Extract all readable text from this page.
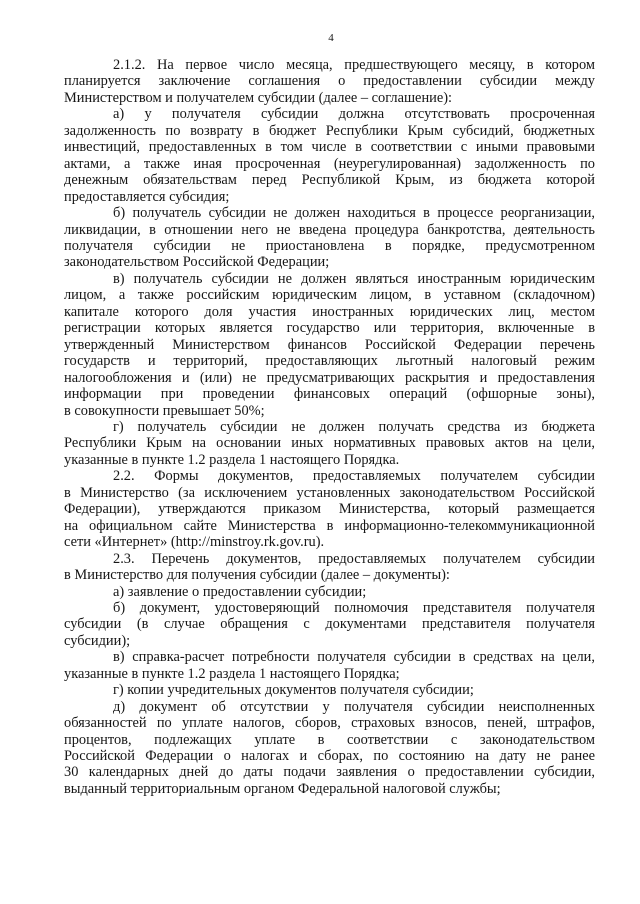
4
2.1.2. На первое число месяца, предшествующего месяцу, в котором
планируется заключение соглашения о предоставлении субсидии между
Министерством и получателем субсидии (далее – соглашение):
а) у получателя субсидии должна отсутствовать просроченная
задолженность по возврату в бюджет Республики Крым субсидий, бюджетных
инвестиций, предоставленных в том числе в соответствии с иными правовыми
актами, а также иная просроченная (неурегулированная) задолженность по
денежным обязательствам перед Республикой Крым, из бюджета которой
предоставляется субсидия;
б) получатель субсидии не должен находиться в процессе реорганизации,
ликвидации, в отношении него не введена процедура банкротства, деятельность
получателя субсидии не приостановлена в порядке, предусмотренном
законодательством Российской Федерации;
в) получатель субсидии не должен являться иностранным юридическим
лицом, а также российским юридическим лицом, в уставном (складочном)
капитале которого доля участия иностранных юридических лиц, местом
регистрации которых является государство или территория, включенные в
утвержденный Министерством финансов Российской Федерации перечень
государств и территорий, предоставляющих льготный налоговый режим
налогообложения и (или) не предусматривающих раскрытия и предоставления
информации при проведении финансовых операций (офшорные зоны),
в совокупности превышает 50%;
г) получатель субсидии не должен получать средства из бюджета
Республики Крым на основании иных нормативных правовых актов на цели,
указанные в пункте 1.2 раздела 1 настоящего Порядка.
2.2. Формы документов, предоставляемых получателем субсидии
в Министерство (за исключением установленных законодательством Российской
Федерации), утверждаются приказом Министерства, который размещается
на официальном сайте Министерства в информационно-телекоммуникационной
сети «Интернет» (http://minstroy.rk.gov.ru).
2.3. Перечень документов, предоставляемых получателем субсидии
в Министерство для получения субсидии (далее – документы):
а) заявление о предоставлении субсидии;
б) документ, удостоверяющий полномочия представителя получателя
субсидии (в случае обращения с документами представителя получателя
субсидии);
в) справка-расчет потребности получателя субсидии в средствах на цели,
указанные в пункте 1.2 раздела 1 настоящего Порядка;
г) копии учредительных документов получателя субсидии;
д) документ об отсутствии у получателя субсидии неисполненных
обязанностей по уплате налогов, сборов, страховых взносов, пеней, штрафов,
процентов, подлежащих уплате в соответствии с законодательством
Российской Федерации о налогах и сборах, по состоянию на дату не ранее
30 календарных дней до даты подачи заявления о предоставлении субсидии,
выданный территориальным органом Федеральной налоговой службы;
